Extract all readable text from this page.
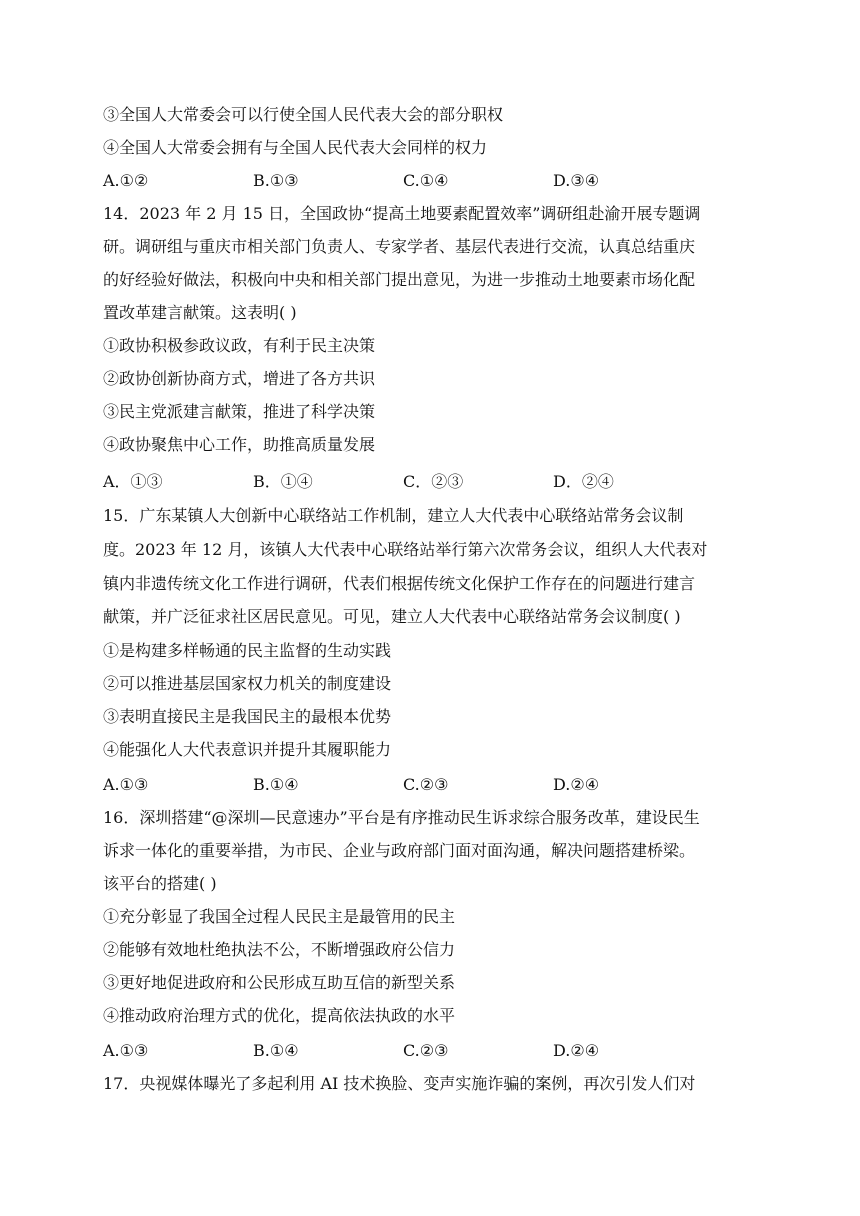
③全国人大常委会可以行使全国人民代表大会的部分职权
④全国人大常委会拥有与全国人民代表大会同样的权力
A.①②	B.①③	C.①④	D.③④
14．2023 年 2 月 15 日，全国政协“提高土地要素配置效率”调研组赴渝开展专题调
研。调研组与重庆市相关部门负责人、专家学者、基层代表进行交流，认真总结重庆
的好经验好做法，积极向中央和相关部门提出意见，为进一步推动土地要素市场化配
置改革建言献策。这表明( )
①政协积极参政议政，有利于民主决策
②政协创新协商方式，增进了各方共识
③民主党派建言献策，推进了科学决策
④政协聚焦中心工作，助推高质量发展
A．①③	B．①④	C．②③	D．②④
15．广东某镇人大创新中心联络站工作机制，建立人大代表中心联络站常务会议制
度。2023 年 12 月，该镇人大代表中心联络站举行第六次常务会议，组织人大代表对
镇内非遗传统文化工作进行调研，代表们根据传统文化保护工作存在的问题进行建言
献策，并广泛征求社区居民意见。可见，建立人大代表中心联络站常务会议制度( )
①是构建多样畅通的民主监督的生动实践
②可以推进基层国家权力机关的制度建设
③表明直接民主是我国民主的最根本优势
④能强化人大代表意识并提升其履职能力
A.①③	B.①④	C.②③	D.②④
16．深圳搭建“@深圳—民意速办”平台是有序推动民生诉求综合服务改革，建设民生
诉求一体化的重要举措，为市民、企业与政府部门面对面沟通，解决问题搭建桥梁。
该平台的搭建( )
①充分彰显了我国全过程人民民主是最管用的民主
②能够有效地杜绝执法不公，不断增强政府公信力
③更好地促进政府和公民形成互助互信的新型关系
④推动政府治理方式的优化，提高依法执政的水平
A.①③	B.①④	C.②③	D.②④
17．央视媒体曝光了多起利用 AI 技术换脸、变声实施诈骗的案例，再次引发人们对
